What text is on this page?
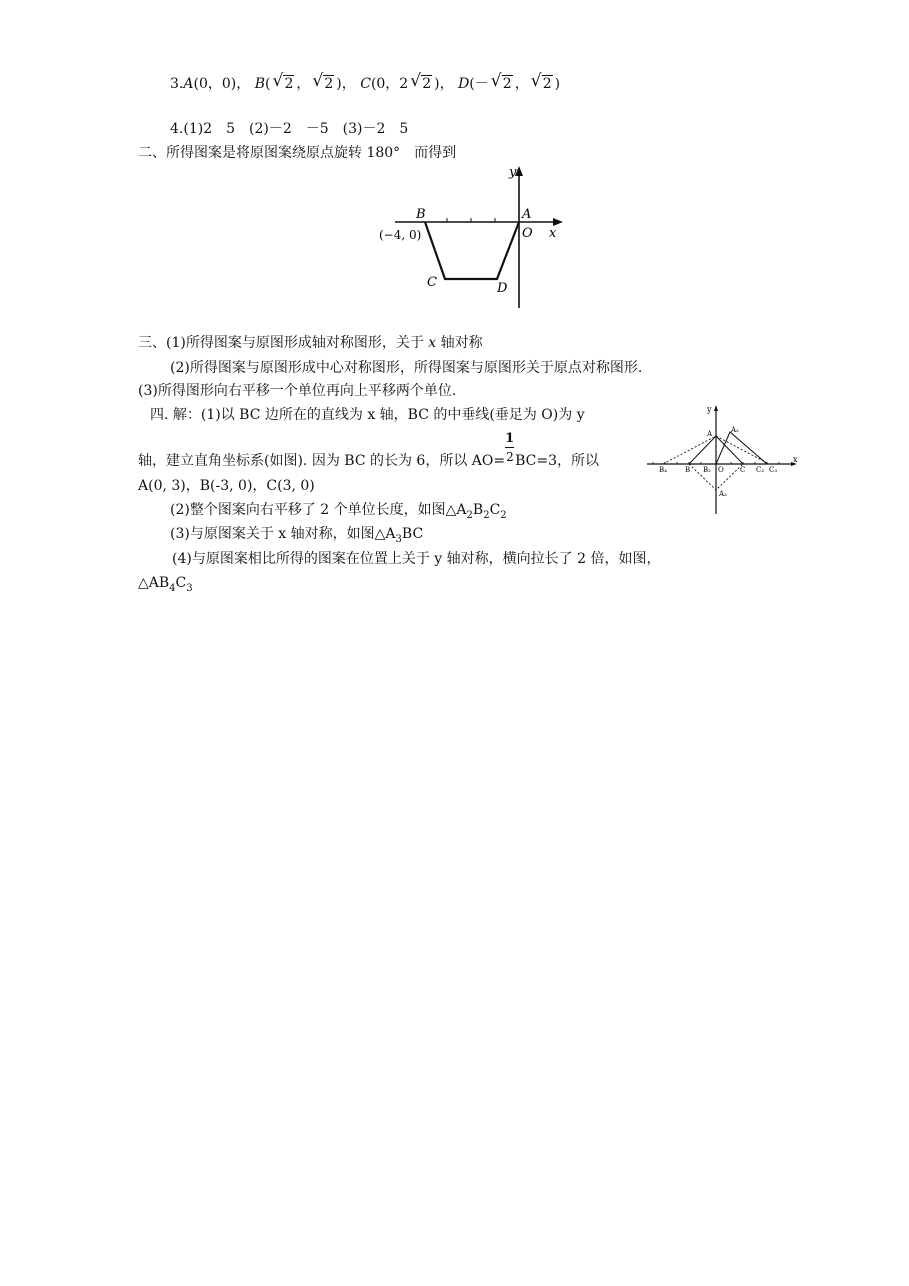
3.A(0，0)， B( √ 2 ， √ 2 )， C(0，2 √ 2 )， D(－ √ 2 ， √ 2 )
4.(1)2　5　(2)－2　－5　(3)－2　5
二、所得图案是将原图案绕原点旋转 180°　而得到
y
x
B	A
O
(−4, 0)
C	D
三、(1)所得图案与原图形成轴对称图形，关于 x 轴对称
(2)所得图案与原图形成中心对称图形，所得图案与原图形关于原点对称图形.
(3)所得图形向右平移一个单位再向上平移两个单位.
四. 解：(1)以 BC 边所在的直线为 x 轴，BC 的中垂线(垂足为 O)为 y
轴，建立直角坐标系(如图). 因为 BC 的长为 6，所以 $AO= \frac{1}{2} BC=3$，所以
A(0, 3)，B(-3, 0)，C(3, 0)
(2)整个图案向右平移了 2 个单位长度，如图$\triangle A_2B_2C_2$
(3)与原图案关于 x 轴对称，如图$\triangle A_3BC$
(4)与原图案相比所得的图案在位置上关于 y 轴对称，横向拉长了 2 倍，如图，
$\triangle AB_4C_3$
y
x
A	A₂
A₃
B₄	B B₂ O C C₂ C₃
